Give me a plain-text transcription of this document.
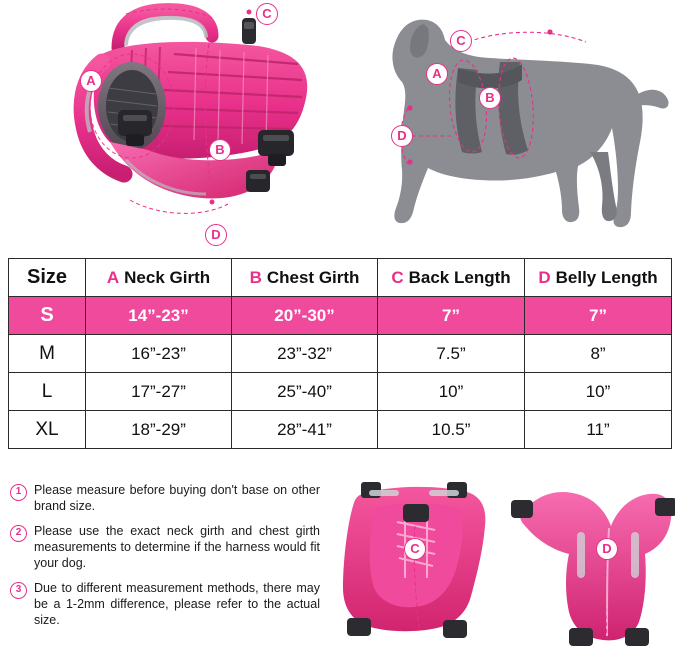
A
B
C
D
A
B
C
D
Size	A Neck Girth	B Chest Girth	C Back Length	D Belly Length
S	14”-23”	20”-30”	7”	7”
M	16”-23”	23”-32”	7.5”	8”
L	17”-27”	25”-40”	10”	10”
XL	18”-29”	28”-41”	10.5”	11”
1	Please measure before buying don't base on other brand size.
2	Please use the exact neck girth and chest girth measurements to determine if the harness would fit your dog.
3	Due to different measurement methods, there may be a 1-2mm difference, please refer to the actual size.
C	D
